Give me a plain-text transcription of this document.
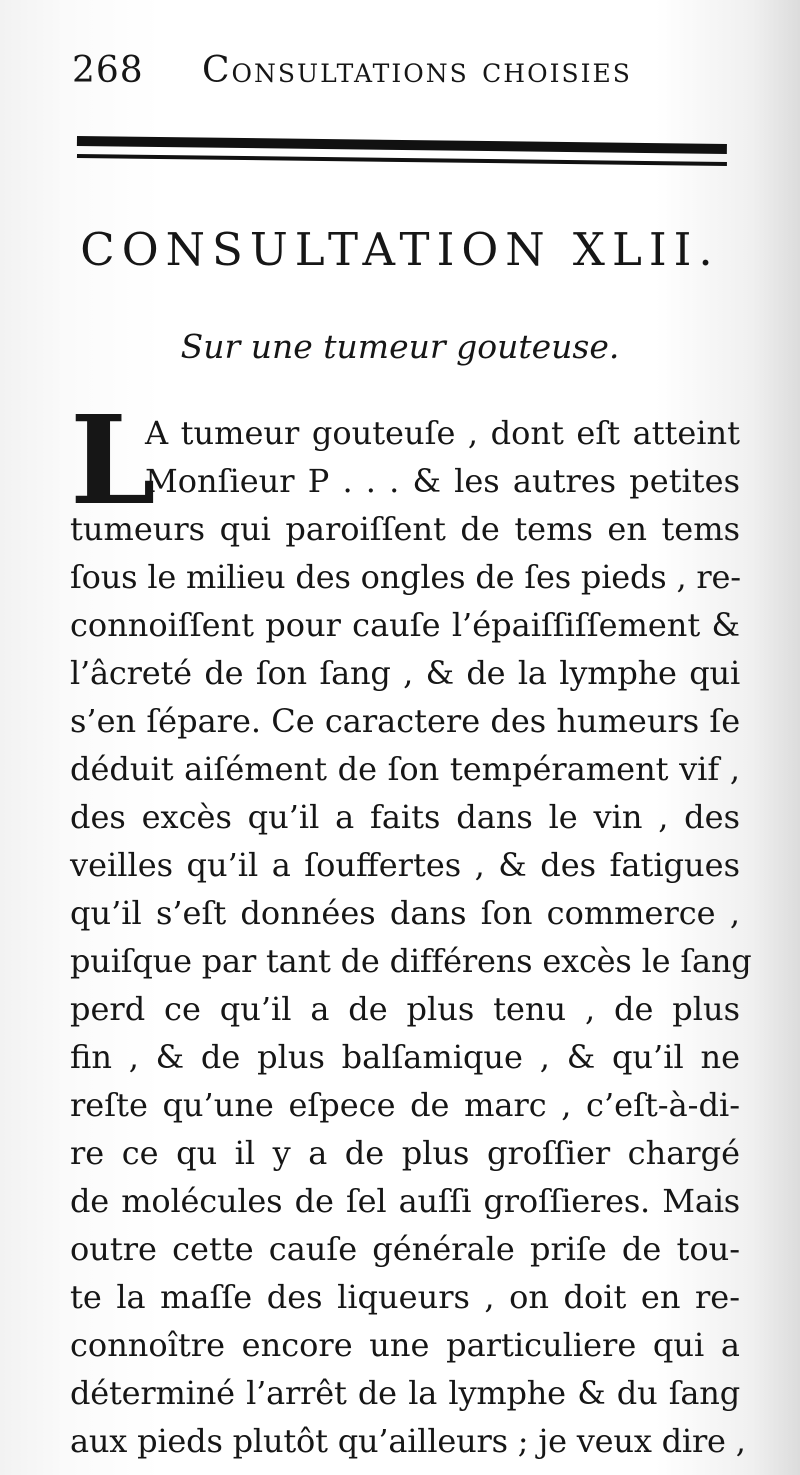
268 Consultations choisies
CONSULTATION XLII.
Sur une tumeur gouteuse.
L
A tumeur gouteuſe , dont eſt atteint
Monſieur P . . . & les autres petites
tumeurs qui paroiſſent de tems en tems
ſous le milieu des ongles de ſes pieds , re-
connoiſſent pour cauſe l’épaiſſiſſement &
l’âcreté de ſon ſang , & de la lymphe qui
s’en ſépare. Ce caractere des humeurs ſe
déduit aiſément de ſon tempérament vif ,
des excès qu’il a faits dans le vin , des
veilles qu’il a ſouffertes , & des fatigues
qu’il s’eſt données dans ſon commerce ,
puiſque par tant de différens excès le ſang
perd ce qu’il a de plus tenu , de plus
fin , & de plus balſamique , & qu’il ne
reſte qu’une eſpece de marc , c’eſt-à-di-
re ce qu il y a de plus groſſier chargé
de molécules de ſel auſſi groſſieres. Mais
outre cette cauſe générale priſe de tou-
te la maſſe des liqueurs , on doit en re-
connoître encore une particuliere qui a
déterminé l’arrêt de la lymphe & du ſang
aux pieds plutôt qu’ailleurs ; je veux dire ,
